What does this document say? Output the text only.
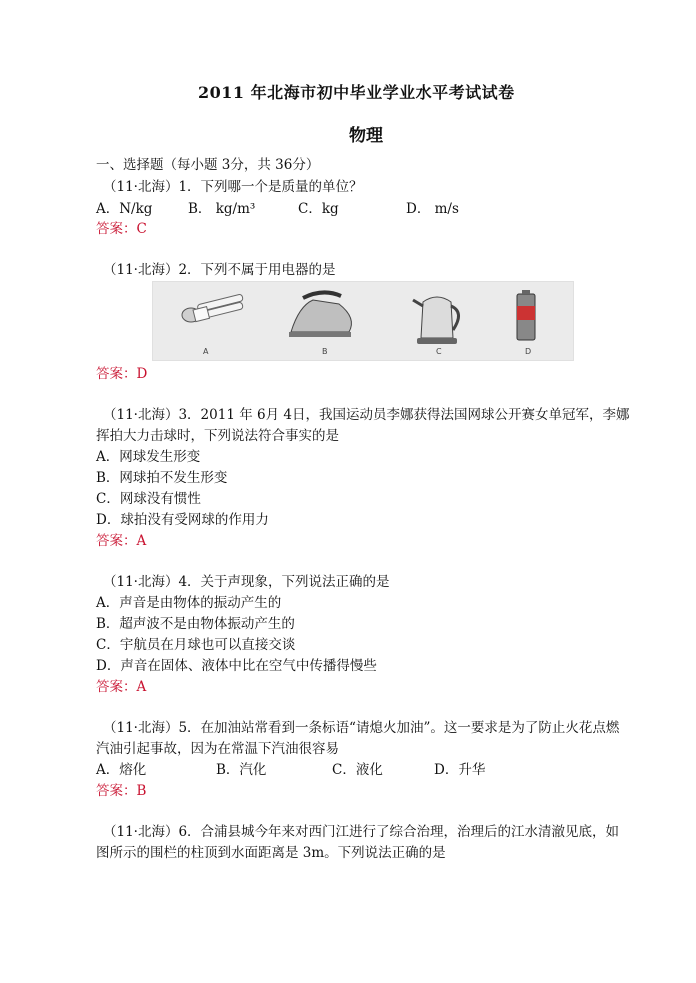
2011 年北海市初中毕业学业水平考试试卷
物理
一、选择题（每小题 3分，共 36分）
（11·北海）1．下列哪一个是质量的单位？
A．N/kg	B． kg/m³	C．kg	D． m/s
答案：C
（11·北海）2．下列不属于用电器的是
A	B	C	D
答案：D
（11·北海）3．2011 年 6月 4日，我国运动员李娜获得法国网球公开赛女单冠军，李娜
挥拍大力击球时，下列说法符合事实的是
A．网球发生形变
B．网球拍不发生形变
C．网球没有惯性
D．球拍没有受网球的作用力
答案：A
（11·北海）4．关于声现象，下列说法正确的是
A．声音是由物体的振动产生的
B．超声波不是由物体振动产生的
C．宇航员在月球也可以直接交谈
D．声音在固体、液体中比在空气中传播得慢些
答案：A
（11·北海）5．在加油站常看到一条标语“请熄火加油”。这一要求是为了防止火花点燃
汽油引起事故，因为在常温下汽油很容易
A．熔化	B．汽化	C．液化	D．升华
答案：B
（11·北海）6．合浦县城今年来对西门江进行了综合治理，治理后的江水清澈见底，如
图所示的围栏的柱顶到水面距离是 3m。下列说法正确的是
